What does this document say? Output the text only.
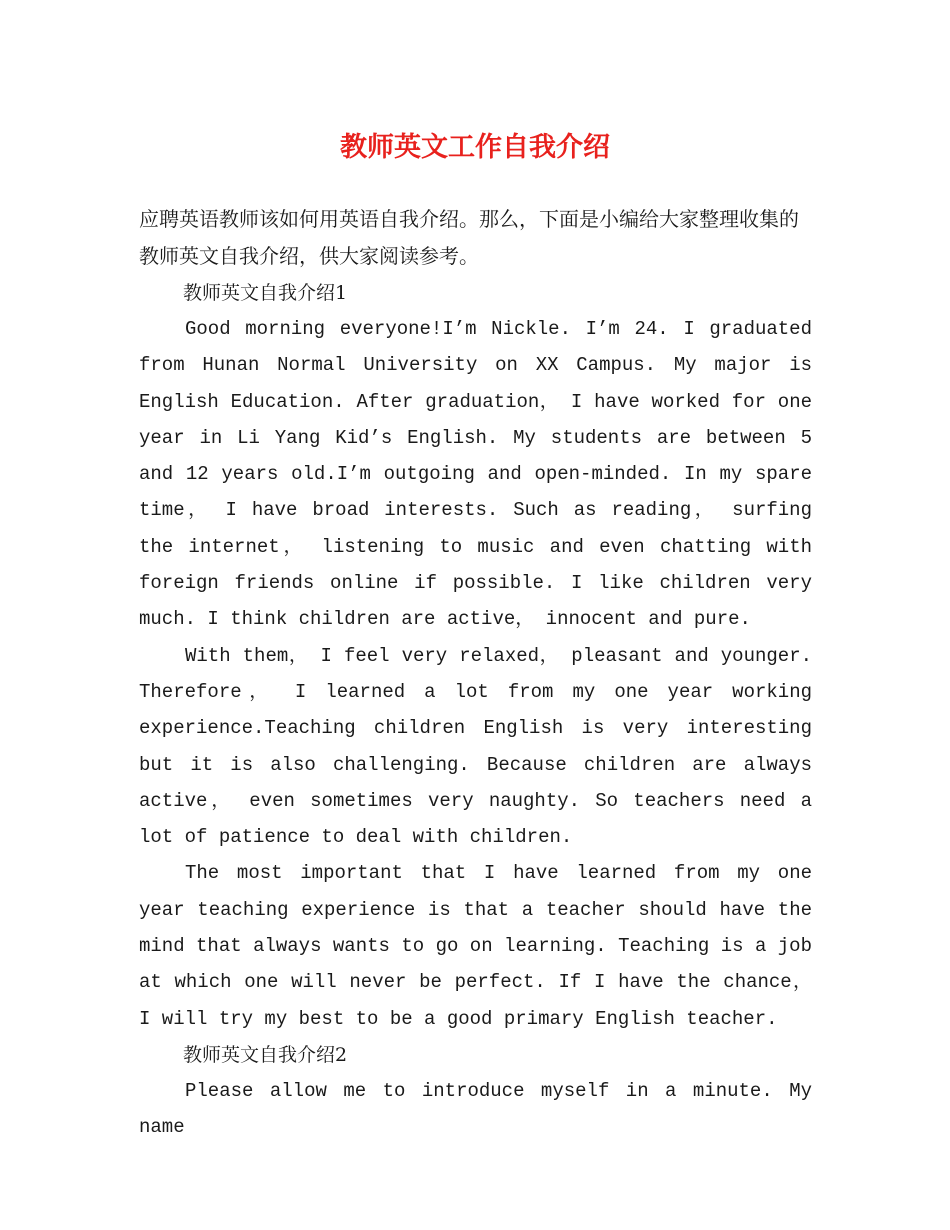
教师英文工作自我介绍

应聘英语教师该如何用英语自我介绍。那么，下面是小编给大家整理收集的教师英文自我介绍，供大家阅读参考。

教师英文自我介绍1

Good morning everyone!I’m Nickle. I’m 24. I graduated from Hunan Normal University on XX Campus. My major is English Education. After graduation， I have worked for one year in Li Yang Kid’s English. My students are between 5 and 12 years old.I’m outgoing and open-minded. In my spare time， I have broad interests. Such as reading， surfing the internet， listening to music and even chatting with foreign friends online if possible. I like children very much. I think children are active， innocent and pure.

With them， I feel very relaxed， pleasant and younger. Therefore， I learned a lot from my one year working experience.Teaching children English is very interesting but it is also challenging. Because children are always active， even sometimes very naughty. So teachers need a lot of patience to deal with children.

The most important that I have learned from my one year teaching experience is that a teacher should have the mind that always wants to go on learning. Teaching is a job at which one will never be perfect. If I have the chance， I will try my best to be a good primary English teacher.

教师英文自我介绍2

Please allow me to introduce myself in a minute. My name
